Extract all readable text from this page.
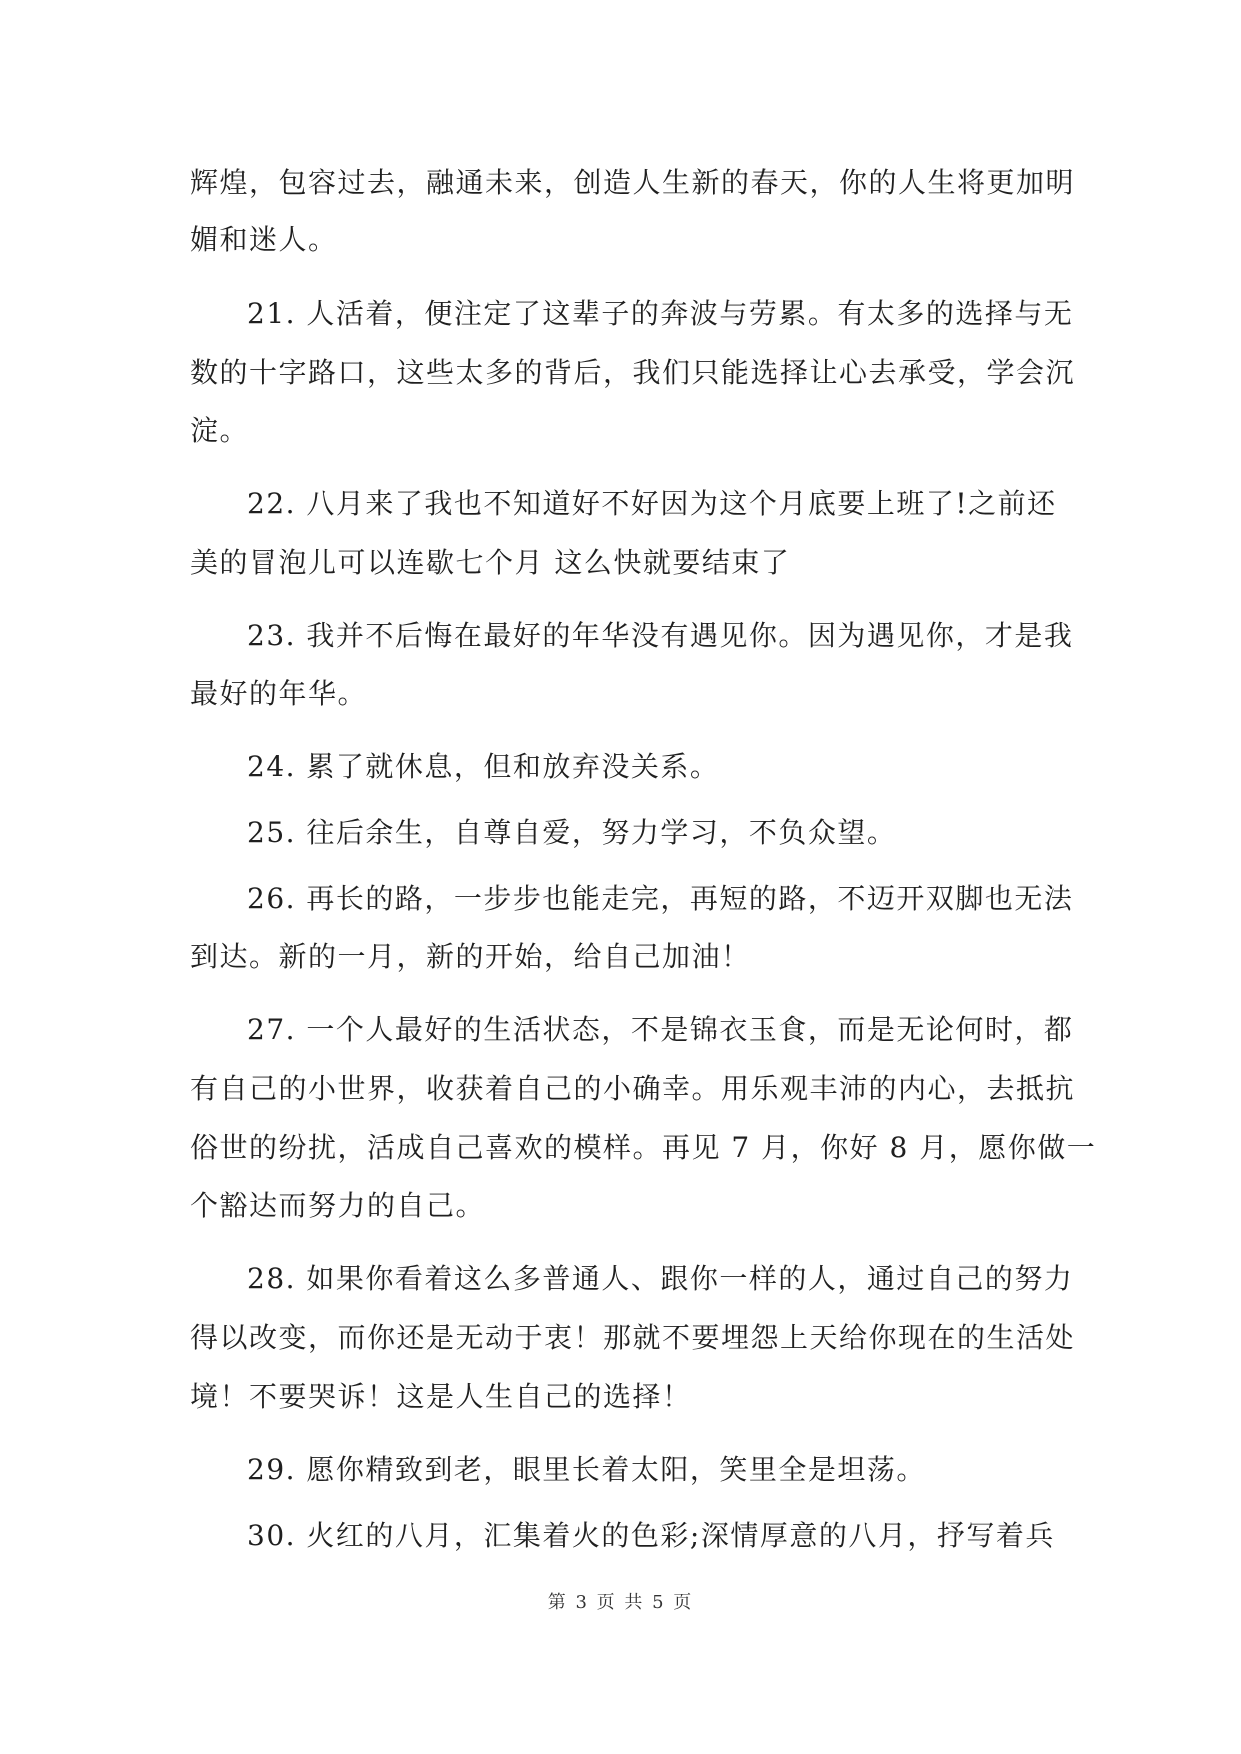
辉煌，包容过去，融通未来，创造人生新的春天，你的人生将更加明
媚和迷人。
21. 人活着，便注定了这辈子的奔波与劳累。有太多的选择与无
数的十字路口，这些太多的背后，我们只能选择让心去承受，学会沉
淀。
22. 八月来了我也不知道好不好因为这个月底要上班了!之前还
美的冒泡儿可以连歇七个月 这么快就要结束了
23. 我并不后悔在最好的年华没有遇见你。因为遇见你，才是我
最好的年华。
24. 累了就休息，但和放弃没关系。
25. 往后余生，自尊自爱，努力学习，不负众望。
26. 再长的路，一步步也能走完，再短的路，不迈开双脚也无法
到达。新的一月，新的开始，给自己加油！
27. 一个人最好的生活状态，不是锦衣玉食，而是无论何时，都
有自己的小世界，收获着自己的小确幸。用乐观丰沛的内心，去抵抗
俗世的纷扰，活成自己喜欢的模样。再见 7 月，你好 8 月，愿你做一
个豁达而努力的自己。
28. 如果你看着这么多普通人、跟你一样的人，通过自己的努力
得以改变，而你还是无动于衷！那就不要埋怨上天给你现在的生活处
境！不要哭诉！这是人生自己的选择！
29. 愿你精致到老，眼里长着太阳，笑里全是坦荡。
30. 火红的八月，汇集着火的色彩;深情厚意的八月，抒写着兵
第 3 页 共 5 页
